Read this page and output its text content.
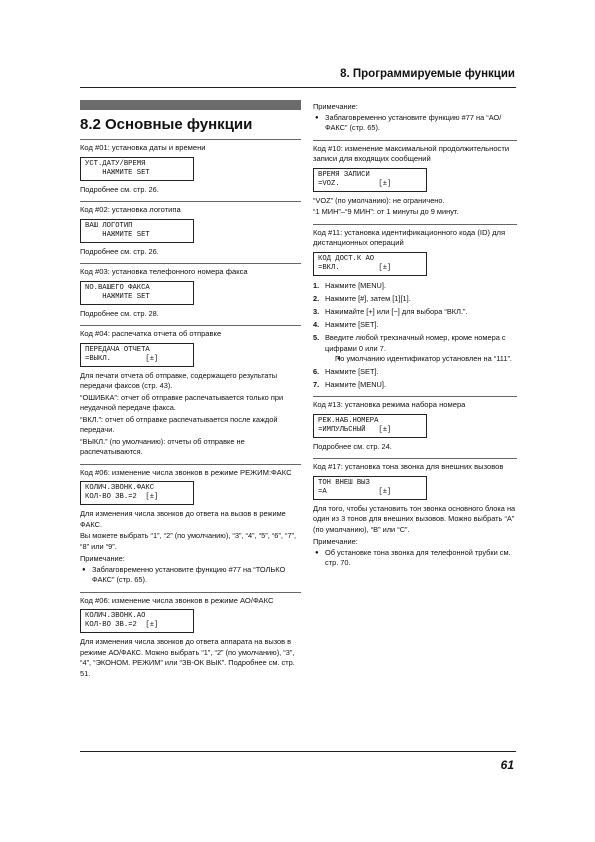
8. Программируемые функции
8.2 Основные функции
Код #01: установка даты и времени
УСТ.ДАТУ/ВРЕМЯ
НАЖМИТЕ SET
Подробнее см. стр. 26.
Код #02: установка логотипа
ВАШ ЛОГОТИП
НАЖМИТЕ SET
Подробнее см. стр. 26.
Код #03: установка телефонного номера факса
NO.ВАШЕГО ФАКСА
НАЖМИТЕ SET
Подробнее см. стр. 28.
Код #04: распечатка отчета об отправке
ПЕРЕДАЧА ОТЧЕТА
=ВЫКЛ.        [±]
Для печати отчета об отправке, содержащего результаты передачи факсов (стр. 43).
“ОШИБКА”: отчет об отправке распечатывается только при неудачной передаче факса.
“ВКЛ.”: отчет об отправке распечатывается после каждой передачи.
“ВЫКЛ.” (по умолчанию): отчеты об отправке не распечатываются.
Код #06: изменение числа звонков в режиме РЕЖИМ:ФАКС
КОЛИЧ.ЗВОНК.ФАКС
КОЛ-ВО ЗВ.=2  [±]
Для изменения числа звонков до ответа на вызов в режиме ФАКС.
Вы можете выбрать “1”, “2” (по умолчанию), “3”, “4”, “5”, “6”, “7”, “8” или “9”.
Примечание:
● Заблаговременно установите функцию #77 на “ТОЛЬКО ФАКС” (стр. 65).
Код #06: изменение числа звонков в режиме АО/ФАКС
КОЛИЧ.ЗВОНК.АО
КОЛ-ВО ЗВ.=2  [±]
Для изменения числа звонков до ответа аппарата на вызов в режиме АО/ФАКС. Можно выбрать “1”, “2” (по умолчанию), “3”, “4”, “ЭКОНОМ. РЕЖИМ” или “ЗВ-ОК ВЫК”. Подробнее см. стр. 51.
Примечание:
● Заблаговременно установите функцию #77 на “АО/ФАКС” (стр. 65).
Код #10: изменение максимальной продолжительности записи для входящих сообщений
ВРЕМЯ ЗАПИСИ
=VOZ.         [±]
“VOZ” (по умолчанию): не ограничено.
“1 МИН”–“9 МИН”: от 1 минуты до 9 минут.
Код #11: установка идентификационного кода (ID) для дистанционных операций
КОД ДОСТ.К АО
=ВКЛ.         [±]
1. Нажмите [MENU].
2. Нажмите [#], затем [1][1].
3. Нажимайте [+] или [−] для выбора “ВКЛ.”.
4. Нажмите [SET].
5. Введите любой трехзначный номер, кроме номера с цифрами 0 или 7.
● По умолчанию идентификатор установлен на “111”.
6. Нажмите [SET].
7. Нажмите [MENU].
Код #13: установка режима набора номера
РЕЖ.НАБ.НОМЕРА
=ИМПУЛЬСНЫЙ   [±]
Подробнее см. стр. 24.
Код #17: установка тона звонка для внешних вызовов
ТОН ВНЕШ ВЫЗ
=A            [±]
Для того, чтобы установить тон звонка основного блока на один из 3 тонов для внешних вызовов. Можно выбрать “A” (по умолчанию), “B” или “C”.
Примечание:
● Об установке тона звонка для телефонной трубки см. стр. 70.
61
